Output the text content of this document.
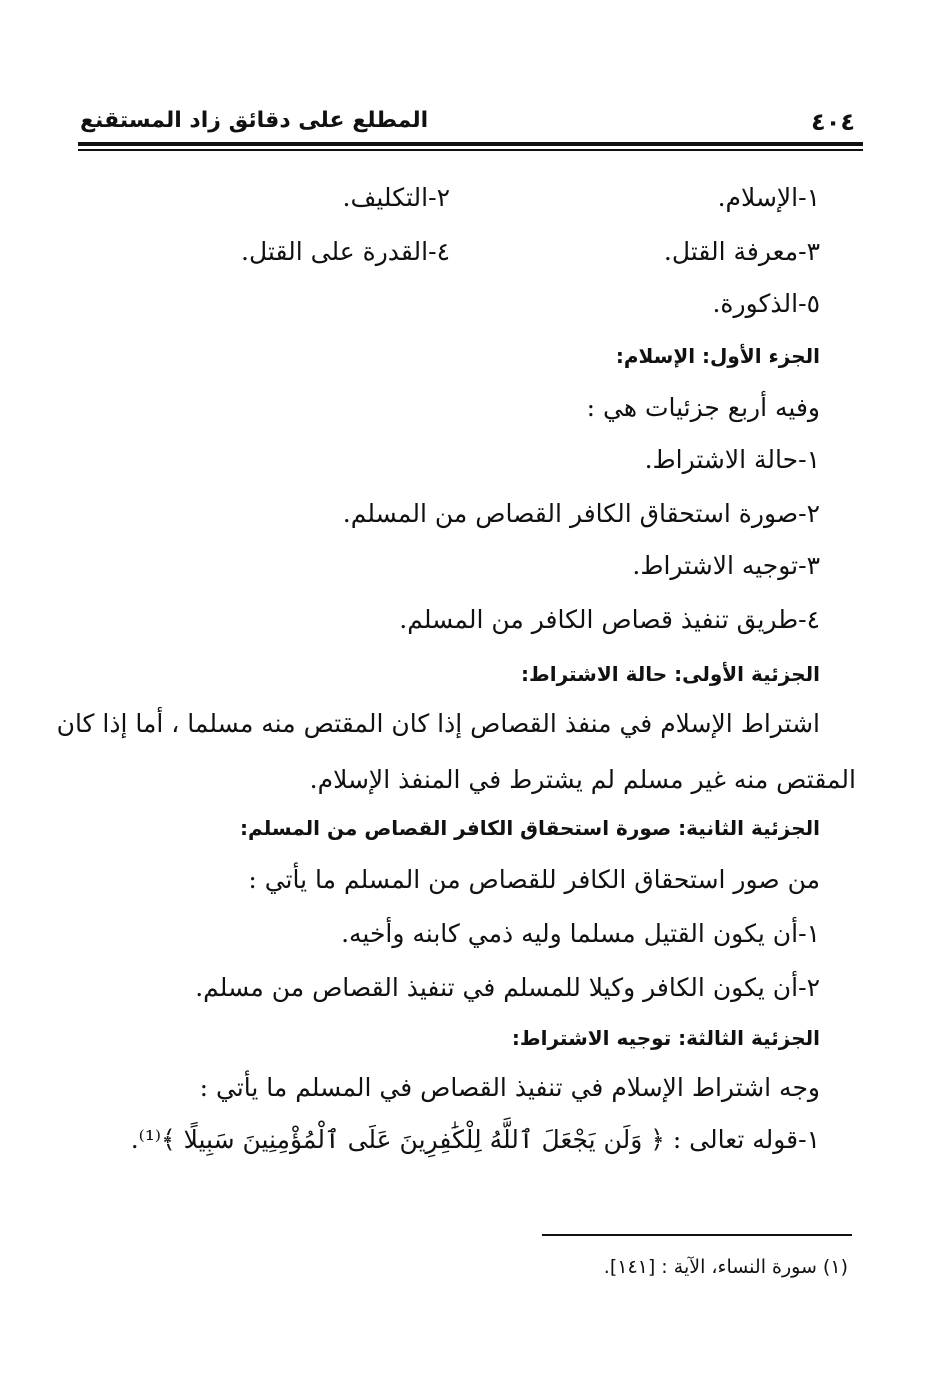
٤٠٤
المطلع على دقائق زاد المستقنع
١-الإسلام.
٢-التكليف.
٣-معرفة القتل.
٤-القدرة على القتل.
٥-الذكورة.
الجزء الأول: الإسلام:
وفيه أربع جزئيات هي :
١-حالة الاشتراط.
٢-صورة استحقاق الكافر القصاص من المسلم.
٣-توجيه الاشتراط.
٤-طريق تنفيذ قصاص الكافر من المسلم.
الجزئية الأولى: حالة الاشتراط:
اشتراط الإسلام في منفذ القصاص إذا كان المقتص منه مسلما ، أما إذا كان
المقتص منه غير مسلم لم يشترط في المنفذ الإسلام.
الجزئية الثانية: صورة استحقاق الكافر القصاص من المسلم:
من صور استحقاق الكافر للقصاص من المسلم ما يأتي :
١-أن يكون القتيل مسلما وليه ذمي كابنه وأخيه.
٢-أن يكون الكافر وكيلا للمسلم في تنفيذ القصاص من مسلم.
الجزئية الثالثة: توجيه الاشتراط:
وجه اشتراط الإسلام في تنفيذ القصاص في المسلم ما يأتي :
١-قوله تعالى : ﴿ وَلَن يَجْعَلَ ٱللَّهُ لِلْكَٰفِرِينَ عَلَى ٱلْمُؤْمِنِينَ سَبِيلًا ﴾⁽¹⁾.
(١) سورة النساء، الآية : [١٤١].
